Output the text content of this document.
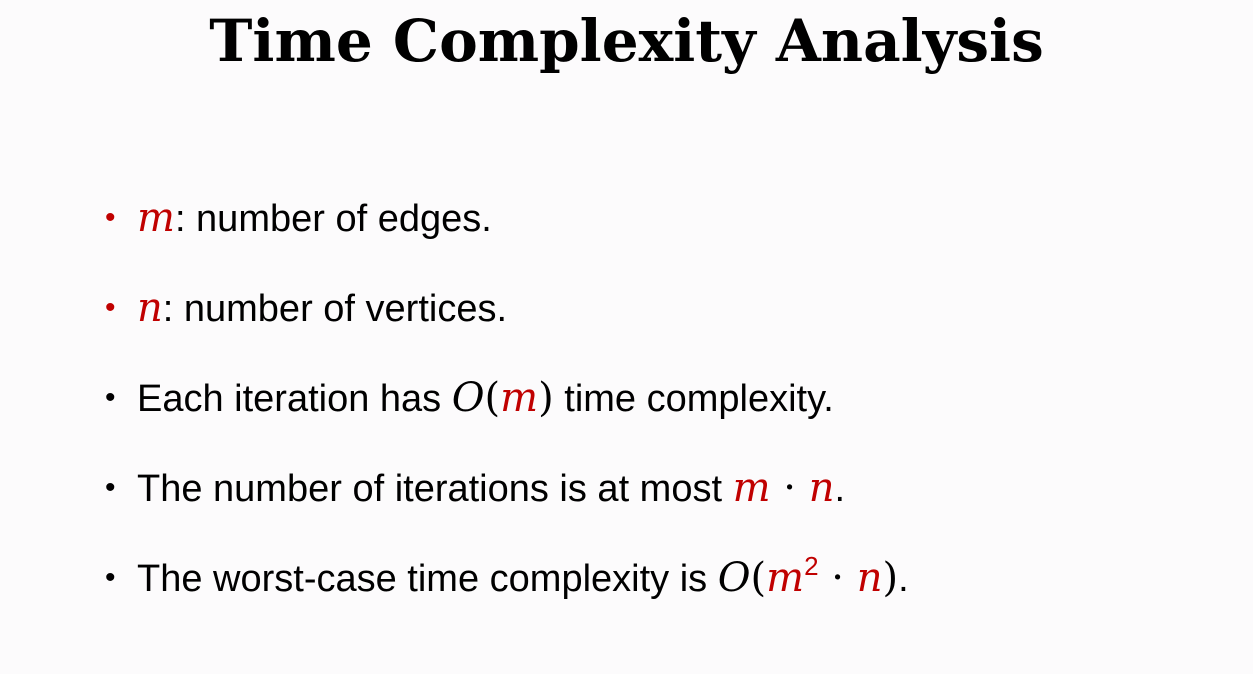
Time Complexity Analysis
• m: number of edges.
• n: number of vertices.
• Each iteration has O(m) time complexity.
• The number of iterations is at most m · n.
• The worst-case time complexity is $O(m^2 \cdot n)$.
